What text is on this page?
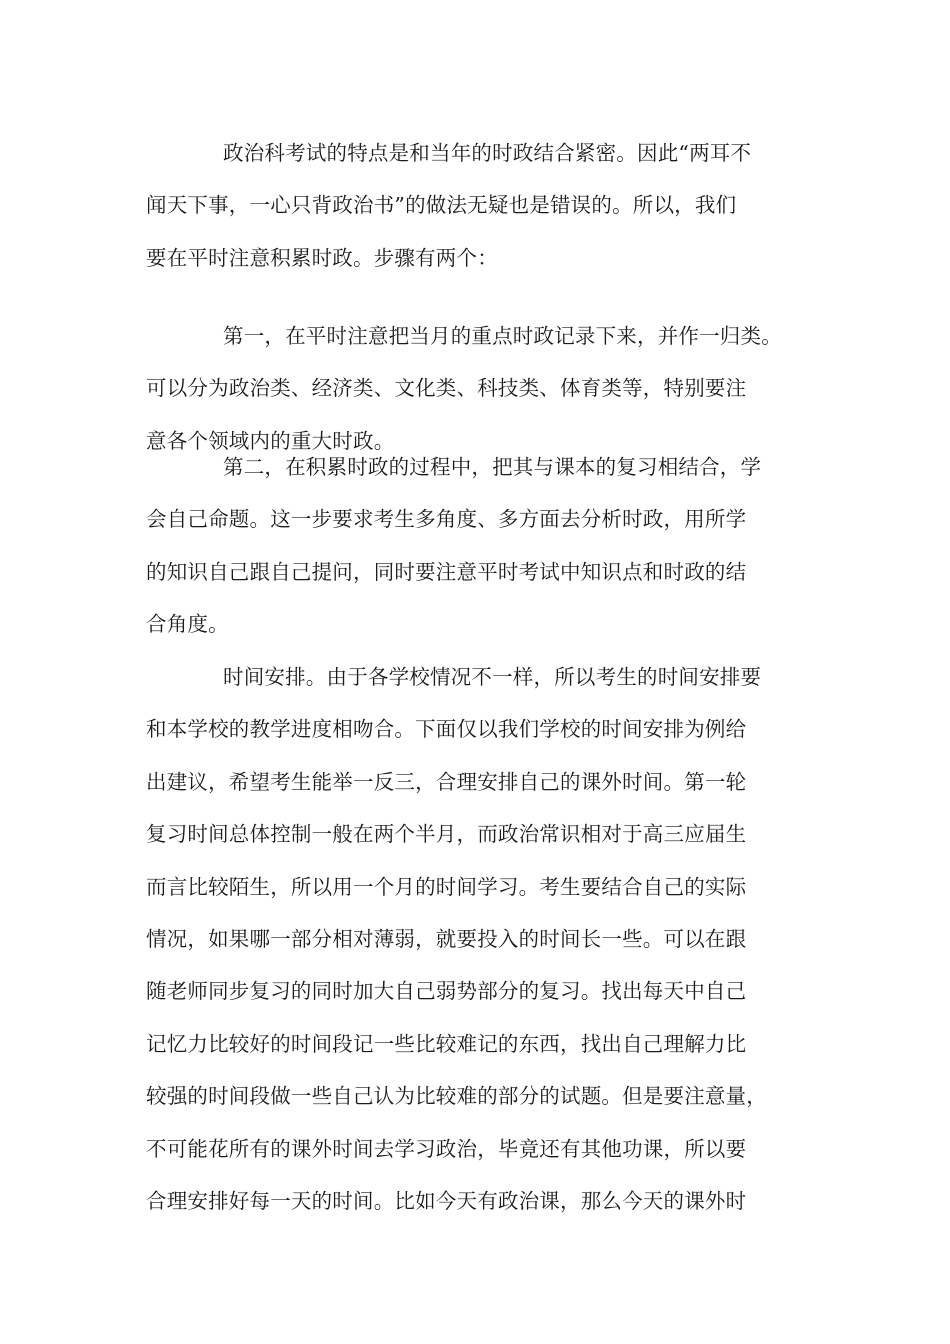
政治科考试的特点是和当年的时政结合紧密。因此“两耳不
闻天下事，一心只背政治书”的做法无疑也是错误的。所以，我们
要在平时注意积累时政。步骤有两个：
第一，在平时注意把当月的重点时政记录下来，并作一归类。
可以分为政治类、经济类、文化类、科技类、体育类等，特别要注
意各个领域内的重大时政。
第二，在积累时政的过程中，把其与课本的复习相结合，学
会自己命题。这一步要求考生多角度、多方面去分析时政，用所学
的知识自己跟自己提问，同时要注意平时考试中知识点和时政的结
合角度。
时间安排。由于各学校情况不一样，所以考生的时间安排要
和本学校的教学进度相吻合。下面仅以我们学校的时间安排为例给
出建议，希望考生能举一反三，合理安排自己的课外时间。第一轮
复习时间总体控制一般在两个半月，而政治常识相对于高三应届生
而言比较陌生，所以用一个月的时间学习。考生要结合自己的实际
情况，如果哪一部分相对薄弱，就要投入的时间长一些。可以在跟
随老师同步复习的同时加大自己弱势部分的复习。找出每天中自己
记忆力比较好的时间段记一些比较难记的东西，找出自己理解力比
较强的时间段做一些自己认为比较难的部分的试题。但是要注意量，
不可能花所有的课外时间去学习政治，毕竟还有其他功课，所以要
合理安排好每一天的时间。比如今天有政治课，那么今天的课外时
